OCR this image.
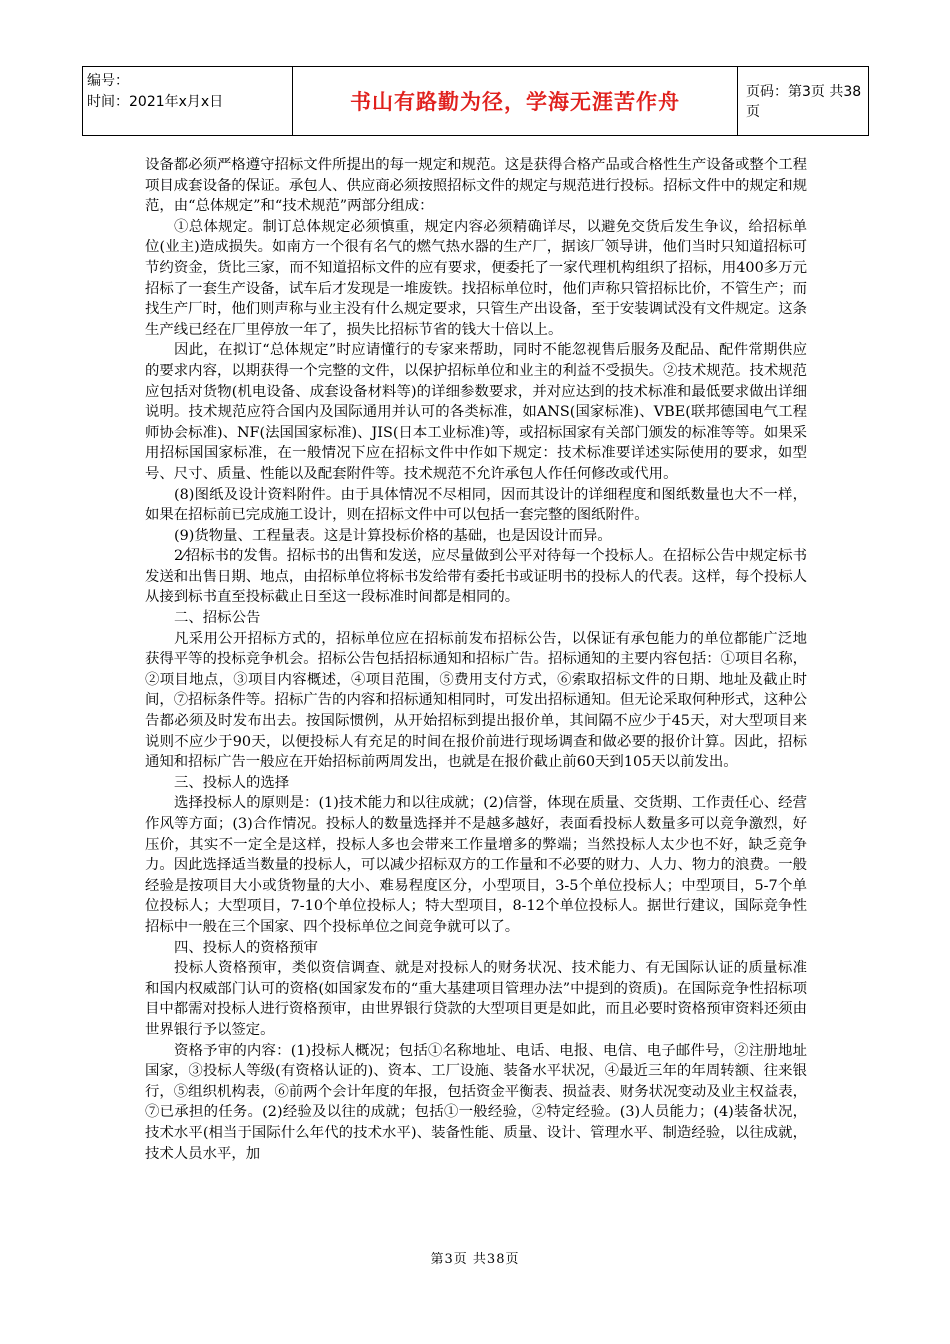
编号：
时间：2021年x月x日	书山有路勤为径，学海无涯苦作舟	页码：第3页 共38页

设备都必须严格遵守招标文件所提出的每一规定和规范。这是获得合格产品或合格性生产设备或整个工程项目成套设备的保证。承包人、供应商必须按照招标文件的规定与规范进行投标。招标文件中的规定和规范，由“总体规定”和“技术规范”两部分组成：

①总体规定。制订总体规定必须慎重，规定内容必须精确详尽，以避免交货后发生争议，给招标单位(业主)造成损失。如南方一个很有名气的燃气热水器的生产厂，据该厂领导讲，他们当时只知道招标可节约资金，货比三家，而不知道招标文件的应有要求，便委托了一家代理机构组织了招标，用400多万元招标了一套生产设备，试车后才发现是一堆废铁。找招标单位时，他们声称只管招标比价，不管生产；而找生产厂时，他们则声称与业主没有什么规定要求，只管生产出设备，至于安装调试没有文件规定。这条生产线已经在厂里停放一年了，损失比招标节省的钱大十倍以上。

因此，在拟订“总体规定”时应请懂行的专家来帮助，同时不能忽视售后服务及配品、配件常期供应的要求内容，以期获得一个完整的文件，以保护招标单位和业主的利益不受损失。②技术规范。技术规范应包括对货物(机电设备、成套设备材料等)的详细参数要求，并对应达到的技术标准和最低要求做出详细说明。技术规范应符合国内及国际通用并认可的各类标准，如ANS(国家标准)、VBE(联邦德国电气工程师协会标准)、NF(法国国家标准)、JIS(日本工业标准)等，或招标国家有关部门颁发的标准等等。如果采用招标国国家标准，在一般情况下应在招标文件中作如下规定：技术标准要详述实际使用的要求，如型号、尺寸、质量、性能以及配套附件等。技术规范不允许承包人作任何修改或代用。

(8)图纸及设计资料附件。由于具体情况不尽相同，因而其设计的详细程度和图纸数量也大不一样，如果在招标前已完成施工设计，则在招标文件中可以包括一套完整的图纸附件。

(9)货物量、工程量表。这是计算投标价格的基础，也是因设计而异。

2⁄招标书的发售。招标书的出售和发送，应尽量做到公平对待每一个投标人。在招标公告中规定标书发送和出售日期、地点，由招标单位将标书发给带有委托书或证明书的投标人的代表。这样，每个投标人从接到标书直至投标截止日至这一段标准时间都是相同的。

二、招标公告

凡采用公开招标方式的，招标单位应在招标前发布招标公告，以保证有承包能力的单位都能广泛地获得平等的投标竞争机会。招标公告包括招标通知和招标广告。招标通知的主要内容包括：①项目名称，②项目地点，③项目内容概述，④项目范围，⑤费用支付方式，⑥索取招标文件的日期、地址及截止时间，⑦招标条件等。招标广告的内容和招标通知相同时，可发出招标通知。但无论采取何种形式，这种公告都必须及时发布出去。按国际惯例，从开始招标到提出报价单，其间隔不应少于45天，对大型项目来说则不应少于90天，以便投标人有充足的时间在报价前进行现场调查和做必要的报价计算。因此，招标通知和招标广告一般应在开始招标前两周发出，也就是在报价截止前60天到105天以前发出。

三、投标人的选择

选择投标人的原则是：(1)技术能力和以往成就；(2)信誉，体现在质量、交货期、工作责任心、经营作风等方面；(3)合作情况。投标人的数量选择并不是越多越好，表面看投标人数量多可以竞争激烈，好压价，其实不一定全是这样，投标人多也会带来工作量增多的弊端；当然投标人太少也不好，缺乏竞争力。因此选择适当数量的投标人，可以减少招标双方的工作量和不必要的财力、人力、物力的浪费。一般经验是按项目大小或货物量的大小、难易程度区分，小型项目，3-5个单位投标人；中型项目，5-7个单位投标人；大型项目，7-10个单位投标人；特大型项目，8-12个单位投标人。据世行建议，国际竞争性招标中一般在三个国家、四个投标单位之间竞争就可以了。

四、投标人的资格预审

投标人资格预审，类似资信调查、就是对投标人的财务状况、技术能力、有无国际认证的质量标准和国内权威部门认可的资格(如国家发布的“重大基建项目管理办法”中提到的资质)。在国际竞争性招标项目中都需对投标人进行资格预审，由世界银行贷款的大型项目更是如此，而且必要时资格预审资料还须由世界银行予以签定。

资格予审的内容：(1)投标人概况；包括①名称地址、电话、电报、电信、电子邮件号，②注册地址国家，③投标人等级(有资格认证的)、资本、工厂设施、装备水平状况，④最近三年的年周转额、往来银行，⑤组织机构表，⑥前两个会计年度的年报，包括资金平衡表、损益表、财务状况变动及业主权益表，⑦已承担的任务。(2)经验及以往的成就；包括①一般经验，②特定经验。(3)人员能力；(4)装备状况，技术水平(相当于国际什么年代的技术水平)、装备性能、质量、设计、管理水平、制造经验，以往成就，技术人员水平，加

第3页 共38页
